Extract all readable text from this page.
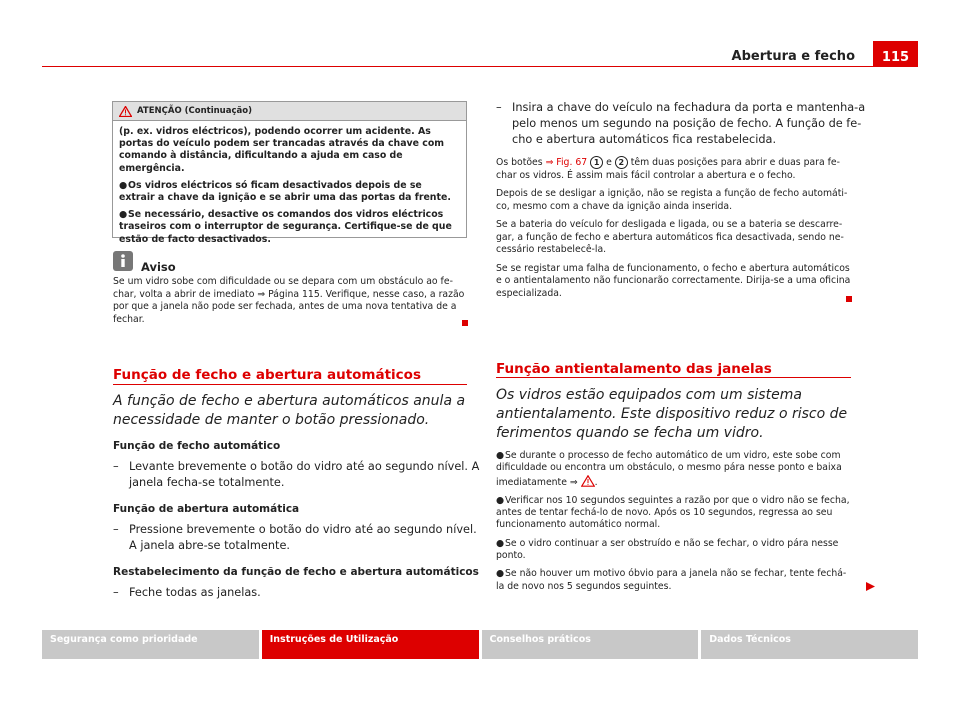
Abertura e fecho	115
ATENÇÃO (Continuação)

(p. ex. vidros eléctricos), podendo ocorrer um acidente. As portas do veículo podem ser trancadas através da chave com comando à distância, dificultando a ajuda em caso de emergência.

●Os vidros eléctricos só ficam desactivados depois de se extrair a chave da ignição e se abrir uma das portas da frente.

●Se necessário, desactive os comandos dos vidros eléctricos traseiros com o interruptor de segurança. Certifique-se de que estão de facto desactivados.

Aviso

Se um vidro sobe com dificuldade ou se depara com um obstáculo ao fechar, volta a abrir de imediato ⇒ Página 115. Verifique, nesse caso, a razão por que a janela não pode ser fechada, antes de uma nova tentativa de a fechar.

Função de fecho e abertura automáticos
A função de fecho e abertura automáticos anula a necessidade de manter o botão pressionado.
Função de fecho automático
– Levante brevemente o botão do vidro até ao segundo nível. A janela fecha-se totalmente.
Função de abertura automática
– Pressione brevemente o botão do vidro até ao segundo nível. A janela abre-se totalmente.
Restabelecimento da função de fecho e abertura automáticos
– Feche todas as janelas.
– Insira a chave do veículo na fechadura da porta e mantenha-a pelo menos um segundo na posição de fecho. A função de fecho e abertura automáticos fica restabelecida.

Os botões ⇒ Fig. 67 1 e 2 têm duas posições para abrir e duas para fechar os vidros. É assim mais fácil controlar a abertura e o fecho.

Depois de se desligar a ignição, não se regista a função de fecho automático, mesmo com a chave da ignição ainda inserida.

Se a bateria do veículo for desligada e ligada, ou se a bateria se descarregar, a função de fecho e abertura automáticos fica desactivada, sendo necessário restabelecê-la.

Se se registar uma falha de funcionamento, o fecho e abertura automáticos e o antientalamento não funcionarão correctamente. Dirija-se a uma oficina especializada.

Função antientalamento das janelas
Os vidros estão equipados com um sistema antientalamento. Este dispositivo reduz o risco de ferimentos quando se fecha um vidro.

●Se durante o processo de fecho automático de um vidro, este sobe com dificuldade ou encontra um obstáculo, o mesmo pára nesse ponto e baixa imediatamente ⇒ .

●Verificar nos 10 segundos seguintes a razão por que o vidro não se fecha, antes de tentar fechá-lo de novo. Após os 10 segundos, regressa ao seu funcionamento automático normal.

●Se o vidro continuar a ser obstruído e não se fechar, o vidro pára nesse ponto.

●Se não houver um motivo óbvio para a janela não se fechar, tente fechá-la de novo nos 5 segundos seguintes.

Segurança como prioridade	Instruções de Utilização	Conselhos práticos	Dados Técnicos
